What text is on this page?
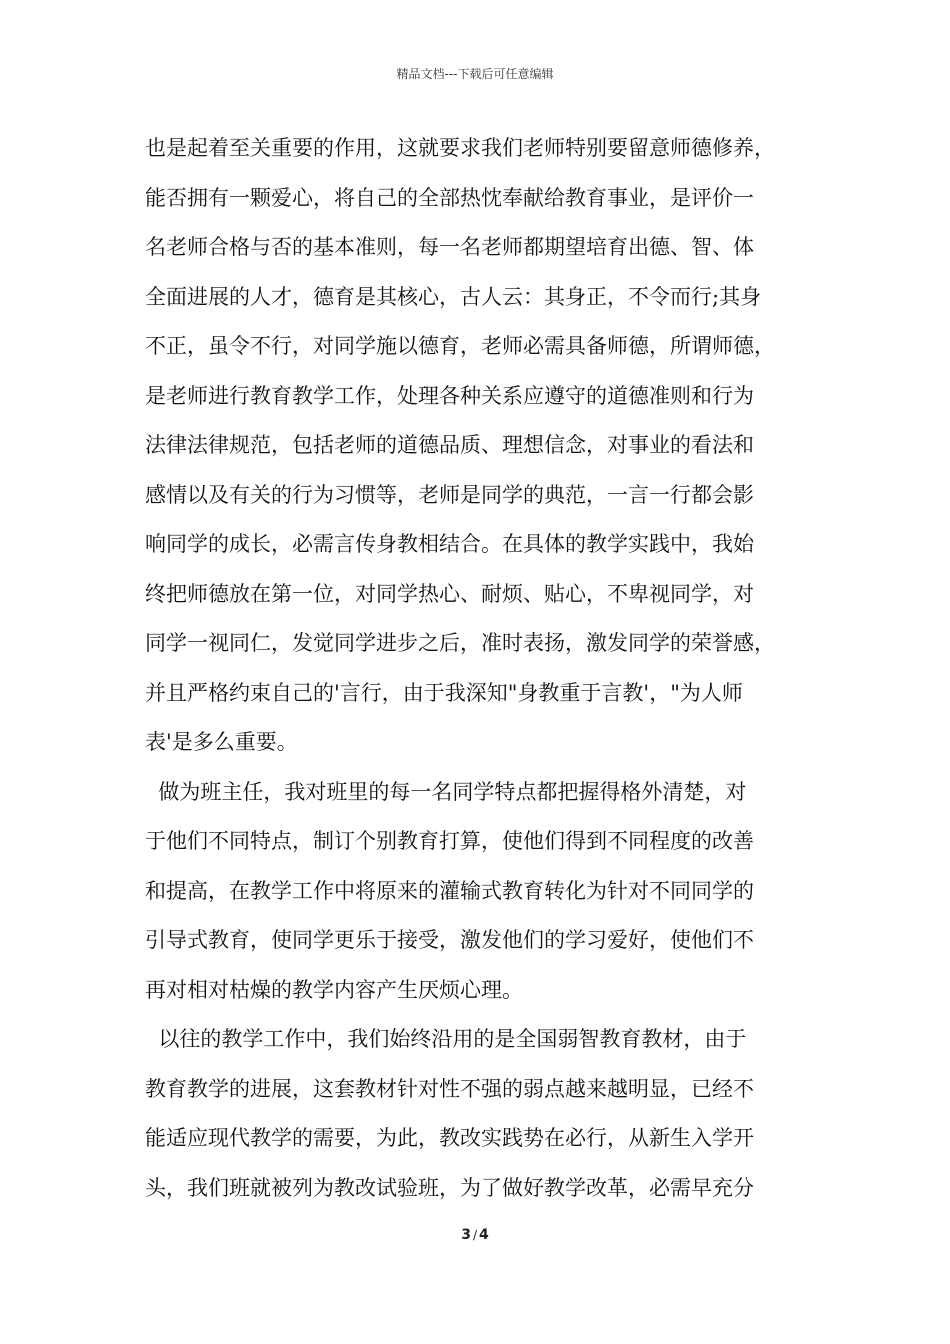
精品文档---下载后可任意编辑
也是起着至关重要的作用，这就要求我们老师特别要留意师德修养，
能否拥有一颗爱心，将自己的全部热忱奉献给教育事业，是评价一
名老师合格与否的基本准则，每一名老师都期望培育出德、智、体
全面进展的人才，德育是其核心，古人云：其身正，不令而行;其身
不正，虽令不行，对同学施以德育，老师必需具备师德，所谓师德，
是老师进行教育教学工作，处理各种关系应遵守的道德准则和行为
法律法律规范，包括老师的道德品质、理想信念，对事业的看法和
感情以及有关的行为习惯等，老师是同学的典范，一言一行都会影
响同学的成长，必需言传身教相结合。在具体的教学实践中，我始
终把师德放在第一位，对同学热心、耐烦、贴心，不卑视同学，对
同学一视同仁，发觉同学进步之后，准时表扬，激发同学的荣誉感，
并且严格约束自己的'言行，由于我深知"身教重于言教'，"为人师
表'是多么重要。
做为班主任，我对班里的每一名同学特点都把握得格外清楚，对
于他们不同特点，制订个别教育打算，使他们得到不同程度的改善
和提高，在教学工作中将原来的灌输式教育转化为针对不同同学的
引导式教育，使同学更乐于接受，激发他们的学习爱好，使他们不
再对相对枯燥的教学内容产生厌烦心理。
以往的教学工作中，我们始终沿用的是全国弱智教育教材，由于
教育教学的进展，这套教材针对性不强的弱点越来越明显，已经不
能适应现代教学的需要，为此，教改实践势在必行，从新生入学开
头，我们班就被列为教改试验班，为了做好教学改革，必需早充分
3 / 4
